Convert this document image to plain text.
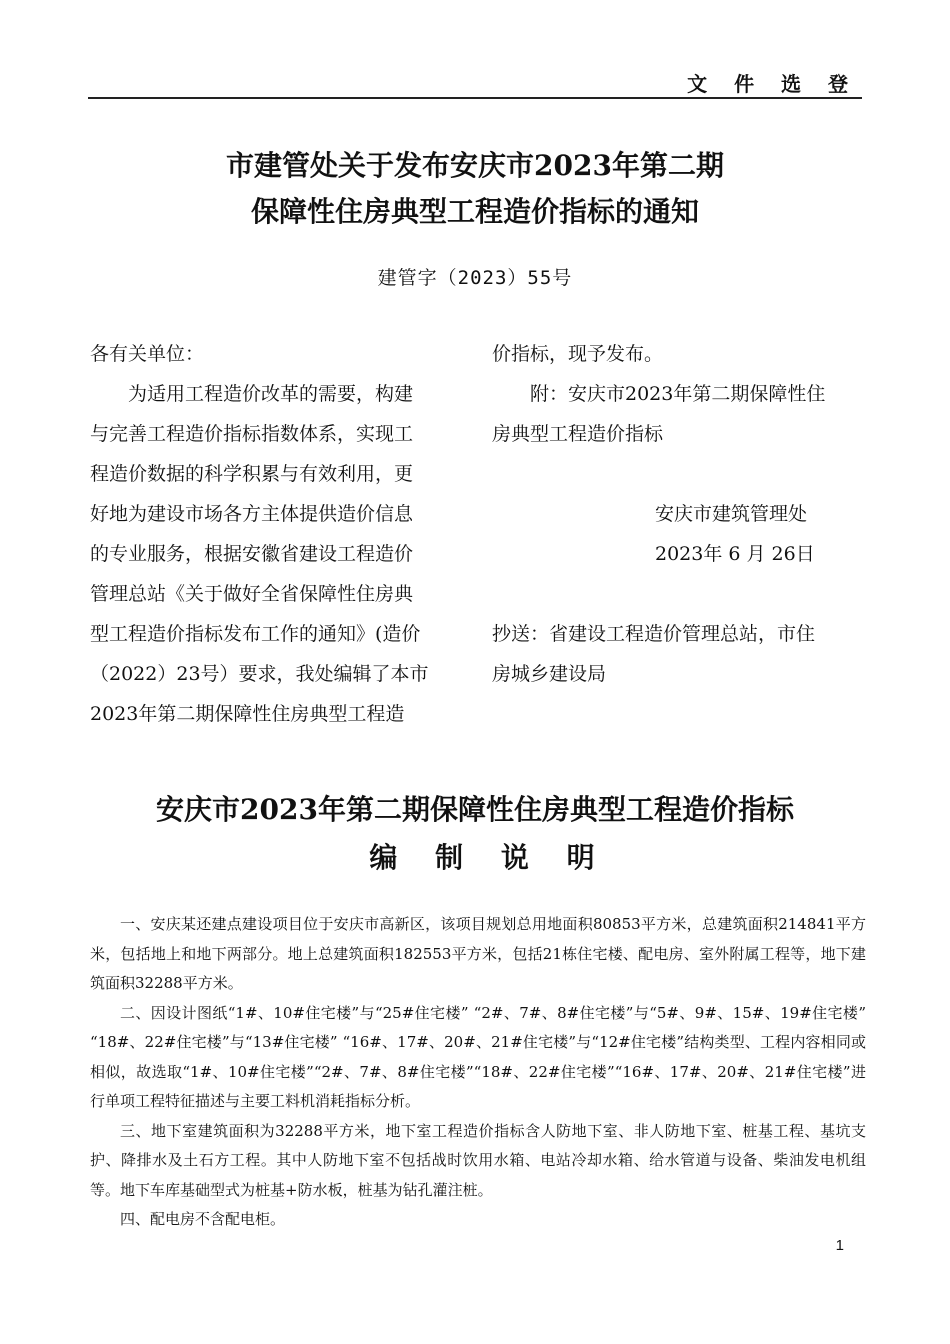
文 件 选 登
市建管处关于发布安庆市2023年第二期
保障性住房典型工程造价指标的通知
建管字（2023）55号

各有关单位：

为适用工程造价改革的需要，构建

与完善工程造价指标指数体系，实现工

程造价数据的科学积累与有效利用，更

好地为建设市场各方主体提供造价信息

的专业服务，根据安徽省建设工程造价

管理总站《关于做好全省保障性住房典

型工程造价指标发布工作的通知》(造价

（2022）23号）要求，我处编辑了本市

2023年第二期保障性住房典型工程造

价指标，现予发布。
附：安庆市2023年第二期保障性住
房典型工程造价指标
安庆市建筑管理处
2023年 6 月 26日
抄送：省建设工程造价管理总站，市住
房城乡建设局
安庆市2023年第二期保障性住房典型工程造价指标
编 制 说 明

一、安庆某还建点建设项目位于安庆市高新区，该项目规划总用地面积80853平方米，总建筑面积214841平方米，包括地上和地下两部分。地上总建筑面积182553平方米，包括21栋住宅楼、配电房、室外附属工程等，地下建筑面积32288平方米。

二、因设计图纸“1#、10#住宅楼”与“25#住宅楼” “2#、7#、8#住宅楼”与“5#、9#、15#、19#住宅楼” “18#、22#住宅楼”与“13#住宅楼” “16#、17#、20#、21#住宅楼”与“12#住宅楼”结构类型、工程内容相同或相似，故选取“1#、10#住宅楼”“2#、7#、8#住宅楼”“18#、22#住宅楼”“16#、17#、20#、21#住宅楼”进行单项工程特征描述与主要工料机消耗指标分析。

三、地下室建筑面积为32288平方米，地下室工程造价指标含人防地下室、非人防地下室、桩基工程、基坑支护、降排水及土石方工程。其中人防地下室不包括战时饮用水箱、电站冷却水箱、给水管道与设备、柴油发电机组等。地下车库基础型式为桩基+防水板，桩基为钻孔灌注桩。

四、配电房不含配电柜。

1
